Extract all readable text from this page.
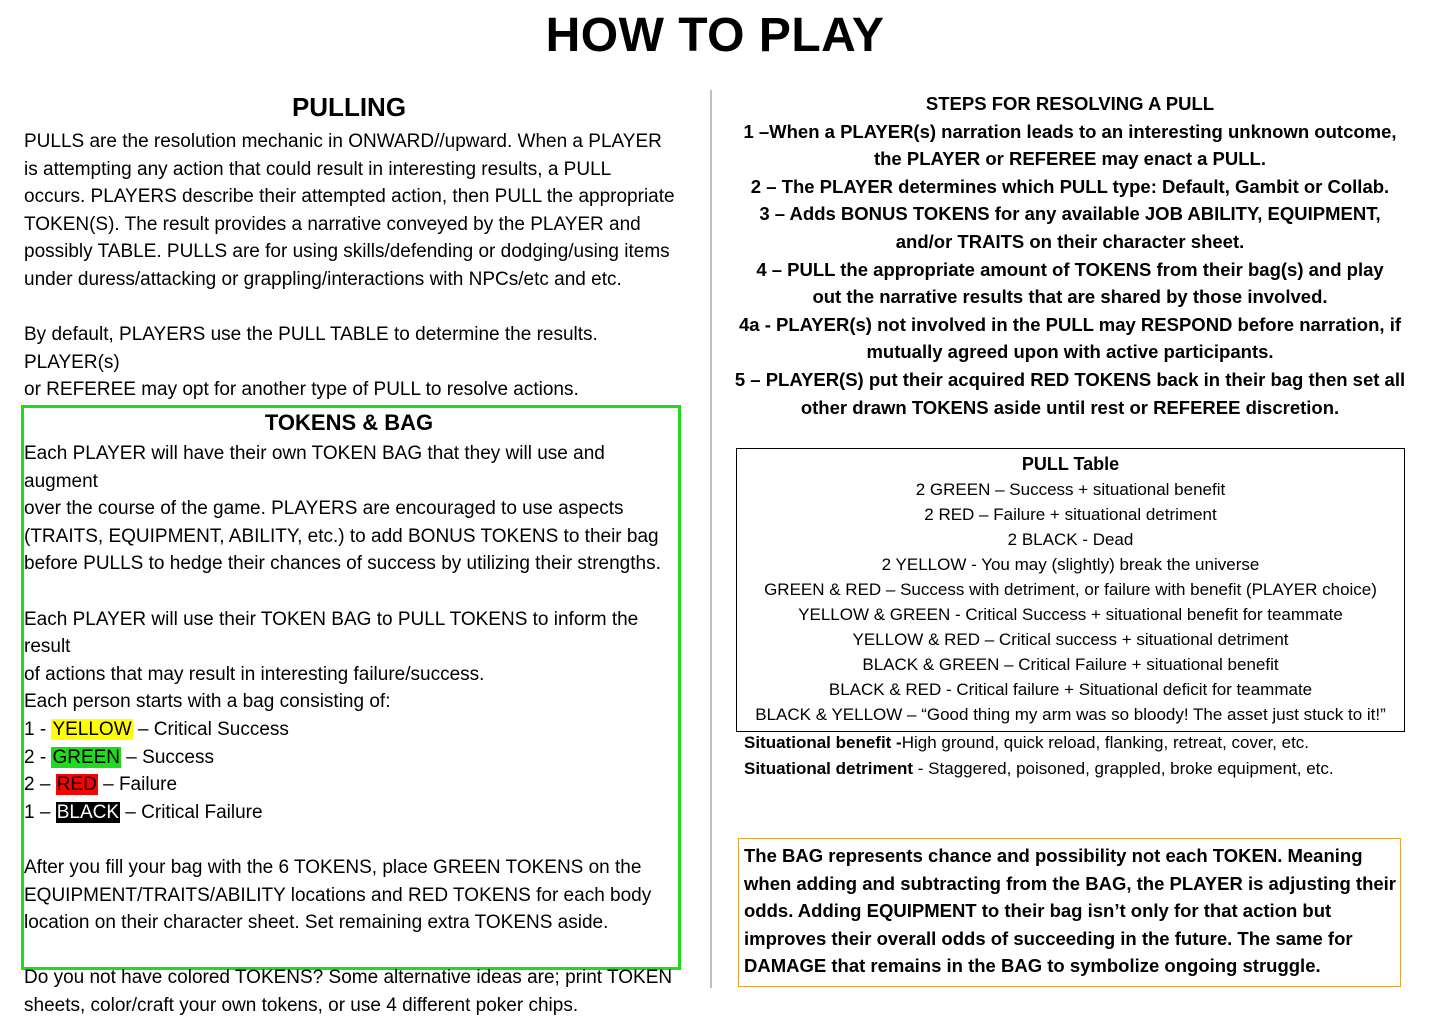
HOW TO PLAY
PULLING

PULLS are the resolution mechanic in ONWARD//upward. When a PLAYER
is attempting any action that could result in interesting results, a PULL
occurs. PLAYERS describe their attempted action, then PULL the appropriate
TOKEN(S). The result provides a narrative conveyed by the PLAYER and
possibly TABLE. PULLS are for using skills/defending or dodging/using items
under duress/attacking or grappling/interactions with NPCs/etc and etc.

By default, PLAYERS use the PULL TABLE to determine the results. PLAYER(s)
or REFEREE may opt for another type of PULL to resolve actions.

TOKENS & BAG
Each PLAYER will have their own TOKEN BAG that they will use and augment
over the course of the game. PLAYERS are encouraged to use aspects
(TRAITS, EQUIPMENT, ABILITY, etc.) to add BONUS TOKENS to their bag
before PULLS to hedge their chances of success by utilizing their strengths.
Each PLAYER will use their TOKEN BAG to PULL TOKENS to inform the result
of actions that may result in interesting failure/success.
Each person starts with a bag consisting of:
1 - YELLOW – Critical Success
2 - GREEN – Success
2 – RED – Failure
1 – BLACK – Critical Failure
After you fill your bag with the 6 TOKENS, place GREEN TOKENS on the
EQUIPMENT/TRAITS/ABILITY locations and RED TOKENS for each body
location on their character sheet. Set remaining extra TOKENS aside.
Do you not have colored TOKENS? Some alternative ideas are; print TOKEN
sheets, color/craft your own tokens, or use 4 different poker chips.
STEPS FOR RESOLVING A PULL
1 –When a PLAYER(s) narration leads to an interesting unknown outcome,
the PLAYER or REFEREE may enact a PULL.
2 – The PLAYER determines which PULL type: Default, Gambit or Collab.
3 – Adds BONUS TOKENS for any available JOB ABILITY, EQUIPMENT,
and/or TRAITS on their character sheet.
4 – PULL the appropriate amount of TOKENS from their bag(s) and play
out the narrative results that are shared by those involved.
4a - PLAYER(s) not involved in the PULL may RESPOND before narration, if
mutually agreed upon with active participants.
5 – PLAYER(S) put their acquired RED TOKENS back in their bag then set all
other drawn TOKENS aside until rest or REFEREE discretion.
PULL Table
2 GREEN – Success + situational benefit
2 RED – Failure + situational detriment
2 BLACK - Dead
2 YELLOW - You may (slightly) break the universe
GREEN & RED – Success with detriment, or failure with benefit (PLAYER choice)
YELLOW & GREEN - Critical Success + situational benefit for teammate
YELLOW & RED – Critical success + situational detriment
BLACK & GREEN – Critical Failure + situational benefit
BLACK & RED - Critical failure + Situational deficit for teammate
BLACK & YELLOW – “Good thing my arm was so bloody! The asset just stuck to it!”
Situational benefit -High ground, quick reload, flanking, retreat, cover, etc.
Situational detriment - Staggered, poisoned, grappled, broke equipment, etc.
The BAG represents chance and possibility not each TOKEN. Meaning
when adding and subtracting from the BAG, the PLAYER is adjusting their
odds. Adding EQUIPMENT to their bag isn’t only for that action but
improves their overall odds of succeeding in the future. The same for
DAMAGE that remains in the BAG to symbolize ongoing struggle.
